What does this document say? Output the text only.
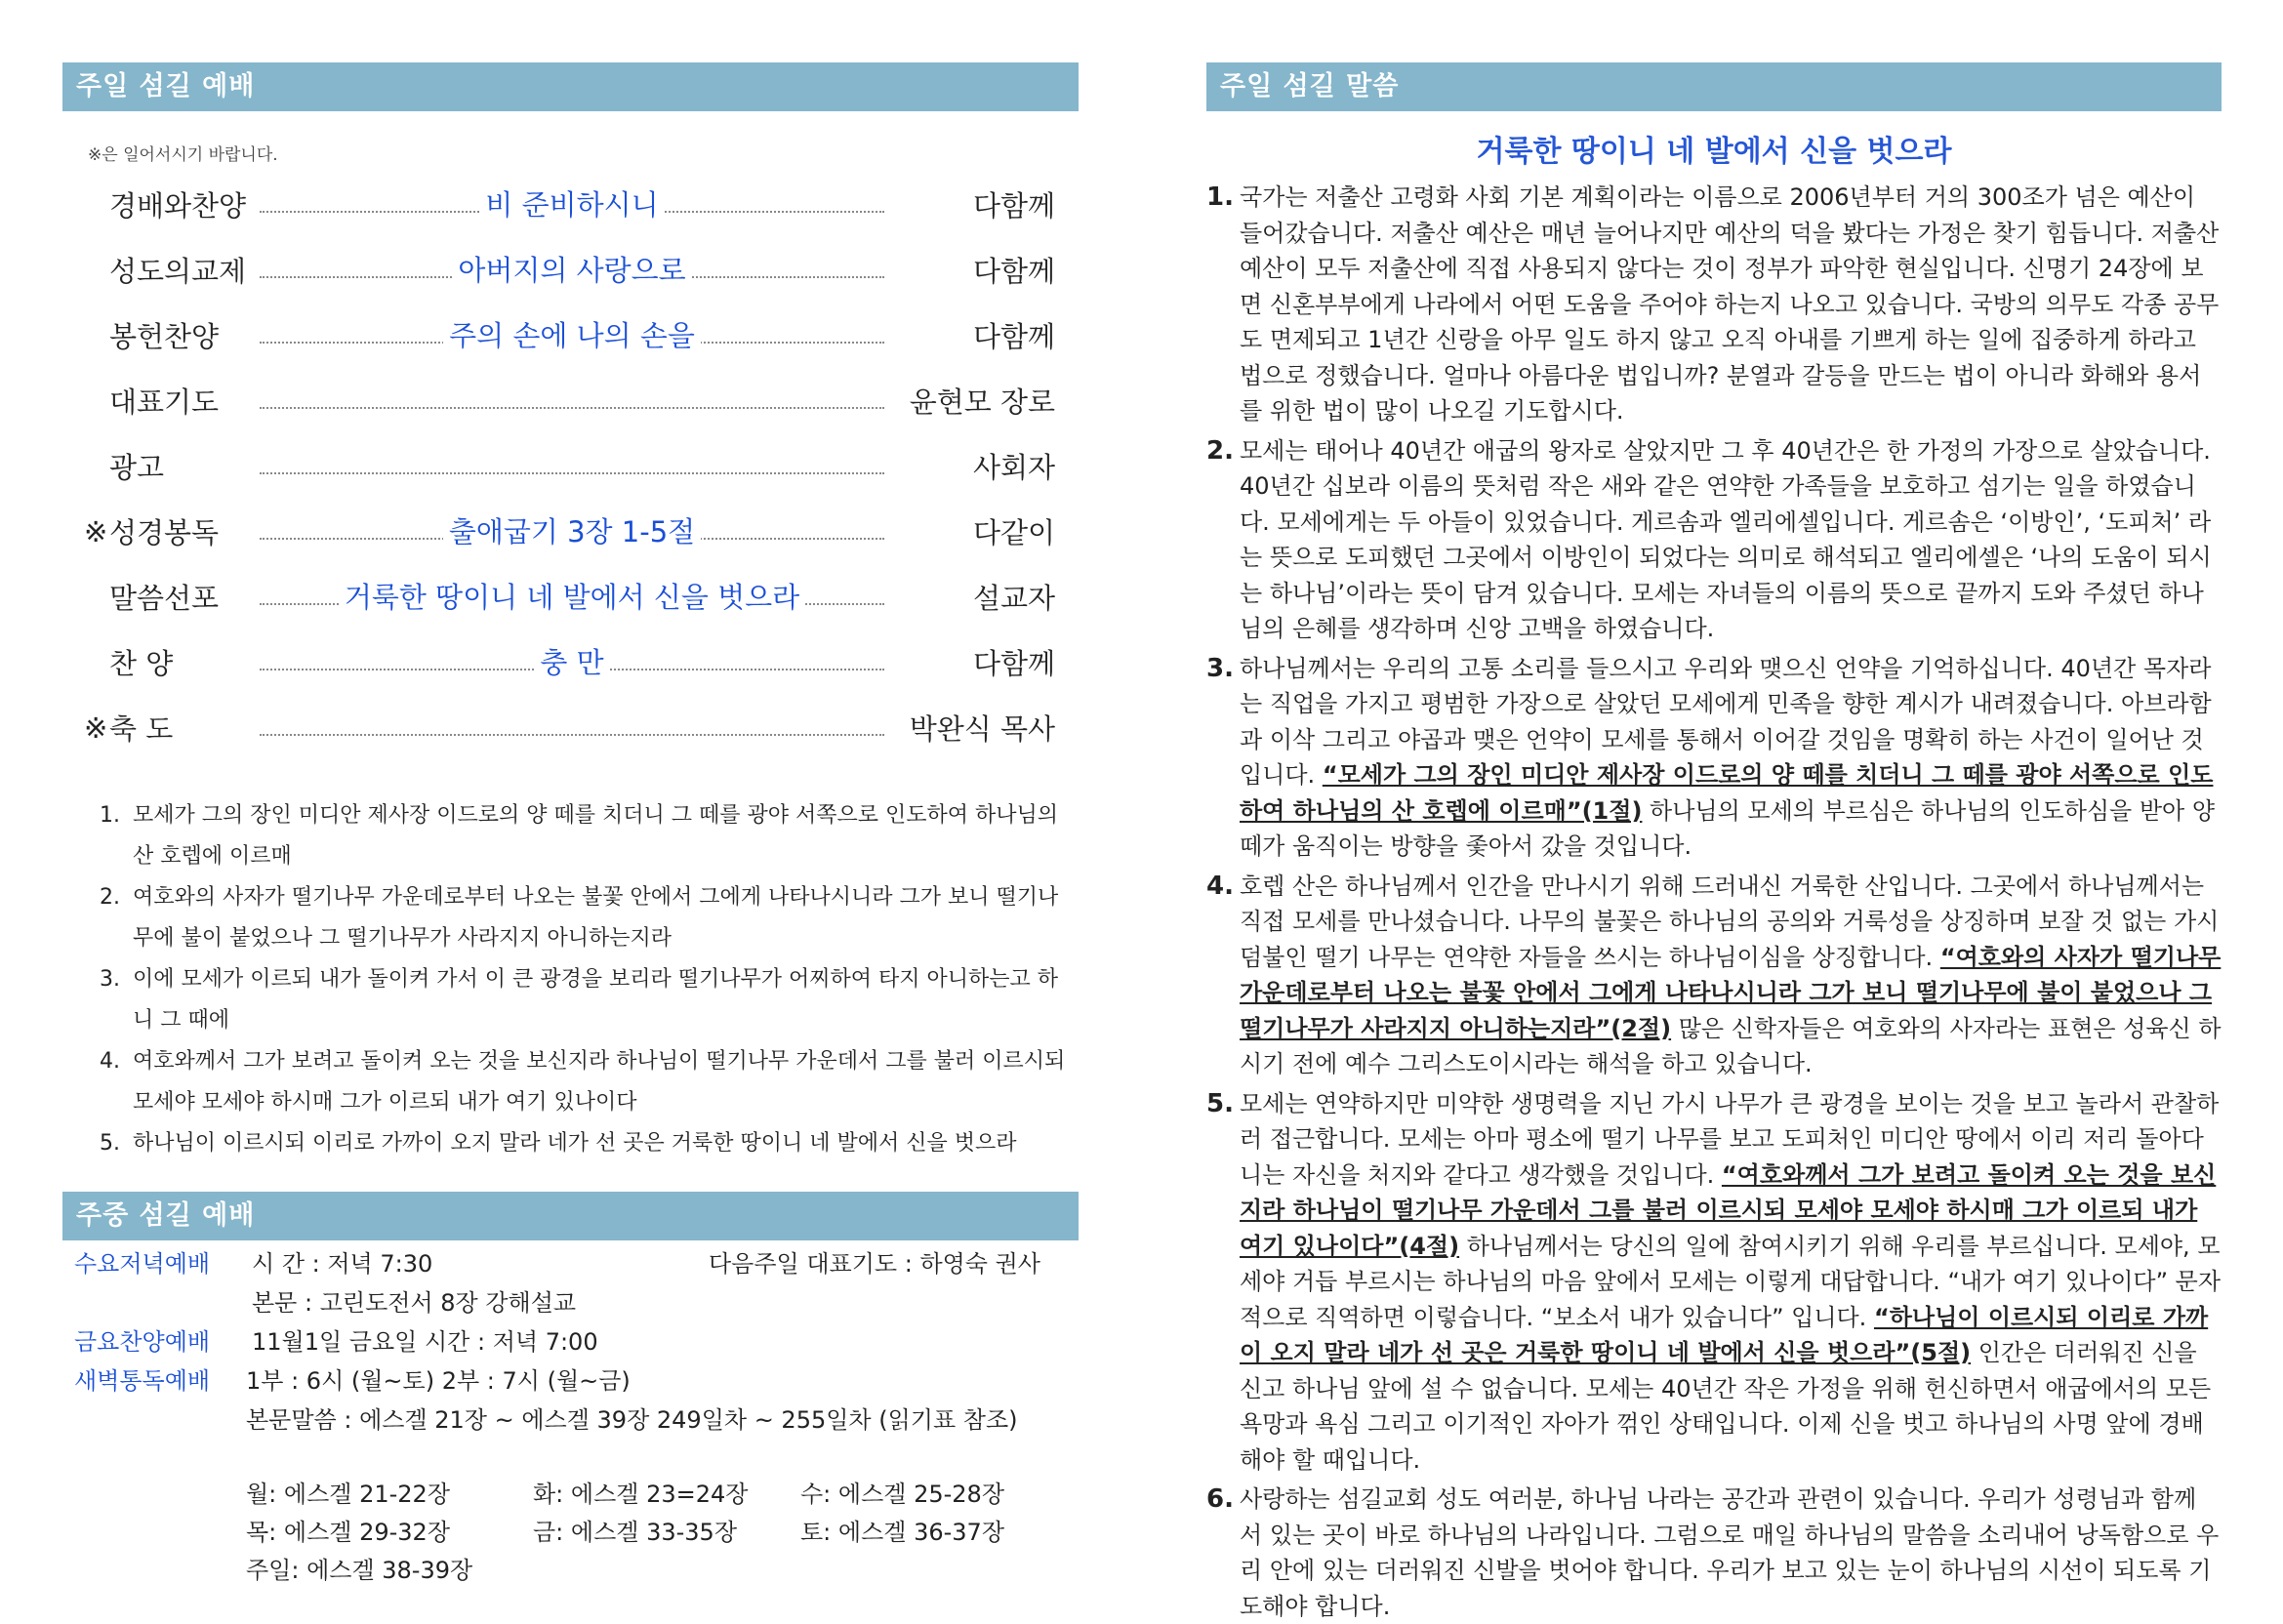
주일 섬길 예배
※은 일어서시기 바랍니다.
경배와찬양	비 준비하시니	다함께
성도의교제	아버지의 사랑으로	다함께
봉헌찬양	주의 손에 나의 손을	다함께
대표기도	윤현모 장로
광고	사회자
※ 성경봉독	출애굽기 3장 1-5절	다같이
말씀선포	거룩한 땅이니 네 발에서 신을 벗으라	설교자
찬 양	충 만	다함께
※ 축 도	박완식 목사
1. 모세가 그의 장인 미디안 제사장 이드로의 양 떼를 치더니 그 떼를 광야 서쪽으로 인도하여 하나님의 산 호렙에 이르매
2. 여호와의 사자가 떨기나무 가운데로부터 나오는 불꽃 안에서 그에게 나타나시니라 그가 보니 떨기나무에 불이 붙었으나 그 떨기나무가 사라지지 아니하는지라
3. 이에 모세가 이르되 내가 돌이켜 가서 이 큰 광경을 보리라 떨기나무가 어찌하여 타지 아니하는고 하니 그 때에
4. 여호와께서 그가 보려고 돌이켜 오는 것을 보신지라 하나님이 떨기나무 가운데서 그를 불러 이르시되 모세야 모세야 하시매 그가 이르되 내가 여기 있나이다
5. 하나님이 이르시되 이리로 가까이 오지 말라 네가 선 곳은 거룩한 땅이니 네 발에서 신을 벗으라
주중 섬길 예배
수요저녁예배 시 간 : 저녁 7:30	다음주일 대표기도 : 하영숙 권사
본문 : 고린도전서 8장 강해설교
금요찬양예배 11월1일 금요일 시간 : 저녁 7:00
새벽통독예배 1부 : 6시 (월~토) 2부 : 7시 (월~금)
본문말씀 : 에스겔 21장 ~ 에스겔 39장 249일차 ~ 255일차 (읽기표 참조)
월: 에스겔 21-22장	화: 에스겔 23=24장 수: 에스겔 25-28장
목: 에스겔 29-32장	금: 에스겔 33-35장	토: 에스겔 36-37장
주일: 에스겔 38-39장
주일 섬길 말씀
거룩한 땅이니 네 발에서 신을 벗으라
1. 국가는 저출산 고령화 사회 기본 계획이라는 이름으로 2006년부터 거의 300조가 넘은 예산이 들어갔습니다. 저출산 예산은 매년 늘어나지만 예산의 덕을 봤다는 가정은 찾기 힘듭니다. 저출산 예산이 모두 저출산에 직접 사용되지 않다는 것이 정부가 파악한 현실입니다. 신명기 24장에 보면 신혼부부에게 나라에서 어떤 도움을 주어야 하는지 나오고 있습니다. 국방의 의무도 각종 공무도 면제되고 1년간 신랑을 아무 일도 하지 않고 오직 아내를 기쁘게 하는 일에 집중하게 하라고 법으로 정했습니다. 얼마나 아름다운 법입니까? 분열과 갈등을 만드는 법이 아니라 화해와 용서를 위한 법이 많이 나오길 기도합시다.
2. 모세는 태어나 40년간 애굽의 왕자로 살았지만 그 후 40년간은 한 가정의 가장으로 살았습니다. 40년간 십보라 이름의 뜻처럼 작은 새와 같은 연약한 가족들을 보호하고 섬기는 일을 하였습니다. 모세에게는 두 아들이 있었습니다. 게르솜과 엘리에셀입니다. 게르솜은 ‘이방인’, ‘도피처’ 라는 뜻으로 도피했던 그곳에서 이방인이 되었다는 의미로 해석되고 엘리에셀은 ‘나의 도움이 되시는 하나님’이라는 뜻이 담겨 있습니다. 모세는 자녀들의 이름의 뜻으로 끝까지 도와 주셨던 하나님의 은혜를 생각하며 신앙 고백을 하였습니다.
3. 하나님께서는 우리의 고통 소리를 들으시고 우리와 맺으신 언약을 기억하십니다. 40년간 목자라는 직업을 가지고 평범한 가장으로 살았던 모세에게 민족을 향한 계시가 내려졌습니다. 아브라함과 이삭 그리고 야곱과 맺은 언약이 모세를 통해서 이어갈 것임을 명확히 하는 사건이 일어난 것입니다. “모세가 그의 장인 미디안 제사장 이드로의 양 떼를 치더니 그 떼를 광야 서쪽으로 인도하여 하나님의 산 호렙에 이르매”(1절) 하나님의 모세의 부르심은 하나님의 인도하심을 받아 양떼가 움직이는 방향을 좇아서 갔을 것입니다.
4. 호렙 산은 하나님께서 인간을 만나시기 위해 드러내신 거룩한 산입니다. 그곳에서 하나님께서는 직접 모세를 만나셨습니다. 나무의 불꽃은 하나님의 공의와 거룩성을 상징하며 보잘 것 없는 가시 덤불인 떨기 나무는 연약한 자들을 쓰시는 하나님이심을 상징합니다. “여호와의 사자가 떨기나무 가운데로부터 나오는 불꽃 안에서 그에게 나타나시니라 그가 보니 떨기나무에 불이 붙었으나 그 떨기나무가 사라지지 아니하는지라”(2절) 많은 신학자들은 여호와의 사자라는 표현은 성육신 하시기 전에 예수 그리스도이시라는 해석을 하고 있습니다.
5. 모세는 연약하지만 미약한 생명력을 지닌 가시 나무가 큰 광경을 보이는 것을 보고 놀라서 관찰하러 접근합니다. 모세는 아마 평소에 떨기 나무를 보고 도피처인 미디안 땅에서 이리 저리 돌아다니는 자신을 처지와 같다고 생각했을 것입니다. “여호와께서 그가 보려고 돌이켜 오는 것을 보신지라 하나님이 떨기나무 가운데서 그를 불러 이르시되 모세야 모세야 하시매 그가 이르되 내가 여기 있나이다”(4절) 하나님께서는 당신의 일에 참여시키기 위해 우리를 부르십니다. 모세야, 모세야 거듭 부르시는 하나님의 마음 앞에서 모세는 이렇게 대답합니다. “내가 여기 있나이다” 문자적으로 직역하면 이렇습니다. “보소서 내가 있습니다” 입니다. “하나님이 이르시되 이리로 가까이 오지 말라 네가 선 곳은 거룩한 땅이니 네 발에서 신을 벗으라”(5절) 인간은 더러워진 신을 신고 하나님 앞에 설 수 없습니다. 모세는 40년간 작은 가정을 위해 헌신하면서 애굽에서의 모든 욕망과 욕심 그리고 이기적인 자아가 꺾인 상태입니다. 이제 신을 벗고 하나님의 사명 앞에 경배해야 할 때입니다.
6. 사랑하는 섬길교회 성도 여러분, 하나님 나라는 공간과 관련이 있습니다. 우리가 성령님과 함께 서 있는 곳이 바로 하나님의 나라입니다. 그럼으로 매일 하나님의 말씀을 소리내어 낭독함으로 우리 안에 있는 더러워진 신발을 벗어야 합니다. 우리가 보고 있는 눈이 하나님의 시선이 되도록 기도해야 합니다.
